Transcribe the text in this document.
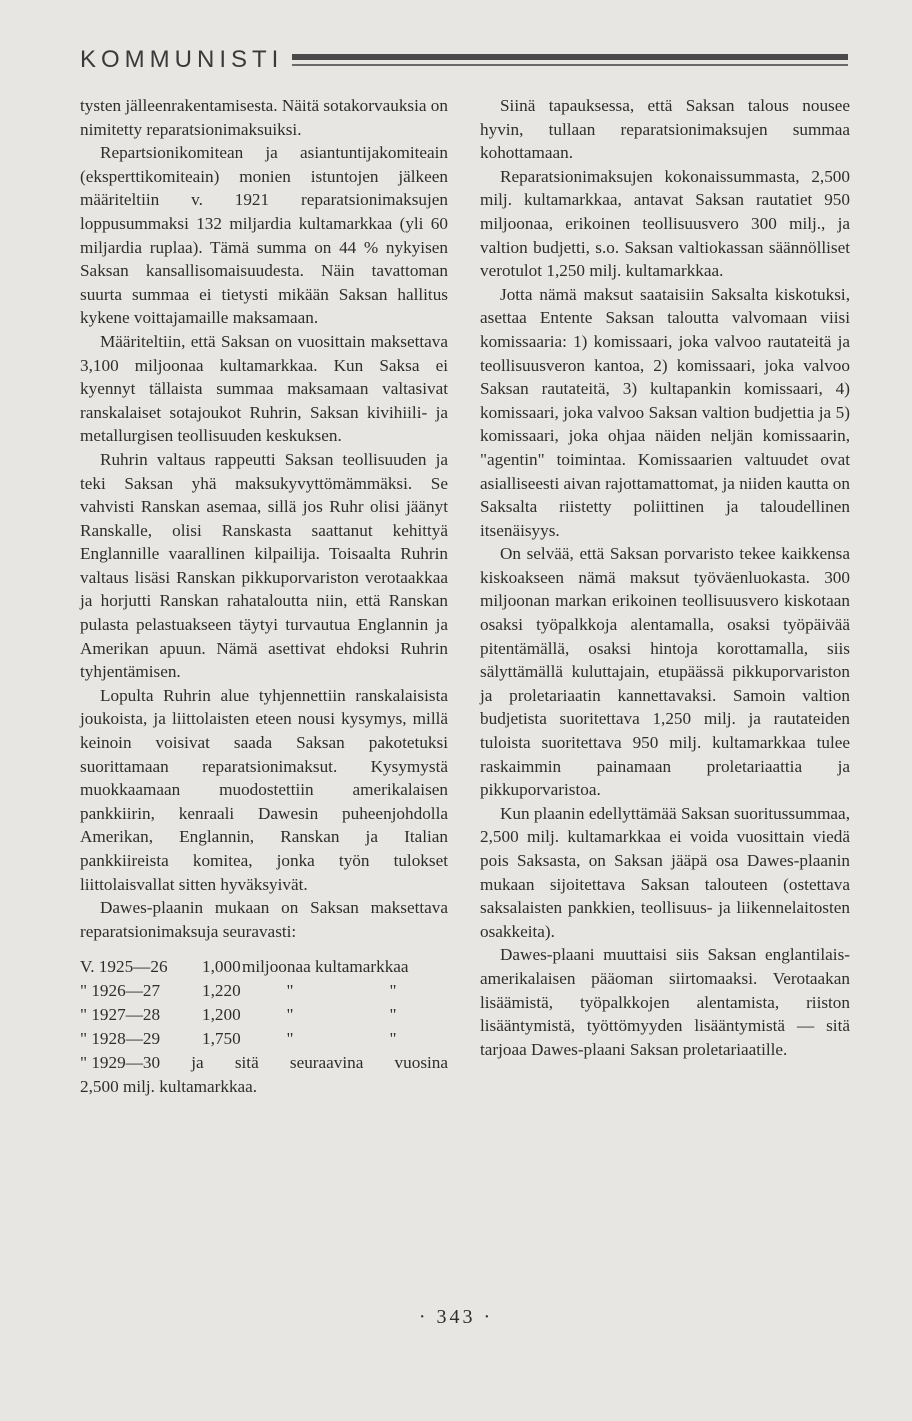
KOMMUNISTI

tysten jälleenrakentamisesta. Näitä sotakorvauksia on nimitetty reparatsionimaksuiksi.

Repartsionikomitean ja asiantuntijakomiteain (eksperttikomiteain) monien istuntojen jälkeen määriteltiin v. 1921 reparatsionimaksujen loppusummaksi 132 miljardia kultamarkkaa (yli 60 miljardia ruplaa). Tämä summa on 44 % nykyisen Saksan kansallisomaisuudesta. Näin tavattoman suurta summaa ei tietysti mikään Saksan hallitus kykene voittajamaille maksamaan.

Määriteltiin, että Saksan on vuosittain maksettava 3,100 miljoonaa kultamarkkaa. Kun Saksa ei kyennyt tällaista summaa maksamaan valtasivat ranskalaiset sotajoukot Ruhrin, Saksan kivihiili- ja metallurgisen teollisuuden keskuksen.

Ruhrin valtaus rappeutti Saksan teollisuuden ja teki Saksan yhä maksukyvyttömämmäksi. Se vahvisti Ranskan asemaa, sillä jos Ruhr olisi jäänyt Ranskalle, olisi Ranskasta saattanut kehittyä Englannille vaarallinen kilpailija. Toisaalta Ruhrin valtaus lisäsi Ranskan pikkuporvariston verotaakkaa ja horjutti Ranskan rahataloutta niin, että Ranskan pulasta pelastuakseen täytyi turvautua Englannin ja Amerikan apuun. Nämä asettivat ehdoksi Ruhrin tyhjentämisen.

Lopulta Ruhrin alue tyhjennettiin ranskalaisista joukoista, ja liittolaisten eteen nousi kysymys, millä keinoin voisivat saada Saksan pakotetuksi suorittamaan reparatsionimaksut. Kysymystä muokkaamaan muodostettiin amerikalaisen pankkiirin, kenraali Dawesin puheenjohdolla Amerikan, Englannin, Ranskan ja Italian pankkiireista komitea, jonka työn tulokset liittolaisvallat sitten hyväksyivät.

Dawes-plaanin mukaan on Saksan maksettava reparatsionimaksuja seuravasti:

V. 1925—26	1,000 miljoonaa kultamarkkaa
" 1926—27	1,220	"	"
" 1927—28	1,200	"	"
" 1928—29	1,750	"	"
" 1929—30 ja sitä seuraavina vuosina
2,500 milj. kultamarkkaa.

Siinä tapauksessa, että Saksan talous nousee hyvin, tullaan reparatsionimaksujen summaa kohottamaan.

Reparatsionimaksujen kokonaissummasta, 2,500 milj. kultamarkkaa, antavat Saksan rautatiet 950 miljoonaa, erikoinen teollisuusvero 300 milj., ja valtion budjetti, s.o. Saksan valtiokassan säännölliset verotulot 1,250 milj. kultamarkkaa.

Jotta nämä maksut saataisiin Saksalta kiskotuksi, asettaa Entente Saksan taloutta valvomaan viisi komissaaria: 1) komissaari, joka valvoo rautateitä ja teollisuusveron kantoa, 2) komissaari, joka valvoo Saksan rautateitä, 3) kultapankin komissaari, 4) komissaari, joka valvoo Saksan valtion budjettia ja 5) komissaari, joka ohjaa näiden neljän komissaarin, "agentin" toimintaa. Komissaarien valtuudet ovat asialliseesti aivan rajottamattomat, ja niiden kautta on Saksalta riistetty poliittinen ja taloudellinen itsenäisyys.

On selvää, että Saksan porvaristo tekee kaikkensa kiskoakseen nämä maksut työväenluokasta. 300 miljoonan markan erikoinen teollisuusvero kiskotaan osaksi työpalkkoja alentamalla, osaksi työpäivää pitentämällä, osaksi hintoja korottamalla, siis sälyttämällä kuluttajain, etupäässä pikkuporvariston ja proletariaatin kannettavaksi. Samoin valtion budjetista suoritettava 1,250 milj. ja rautateiden tuloista suoritettava 950 milj. kultamarkkaa tulee raskaimmin painamaan proletariaattia ja pikkuporvaristoa.

Kun plaanin edellyttämää Saksan suoritussummaa, 2,500 milj. kultamarkkaa ei voida vuosittain viedä pois Saksasta, on Saksan jääpä osa Dawes-plaanin mukaan sijoitettava Saksan talouteen (ostettava saksalaisten pankkien, teollisuus- ja liikennelaitosten osakkeita).

Dawes-plaani muuttaisi siis Saksan englantilais-amerikalaisen pääoman siirtomaaksi. Verotaakan lisäämistä, työpalkkojen alentamista, riiston lisääntymistä, työttömyyden lisääntymistä — sitä tarjoaa Dawes-plaani Saksan proletariaatille.

· 343 ·
